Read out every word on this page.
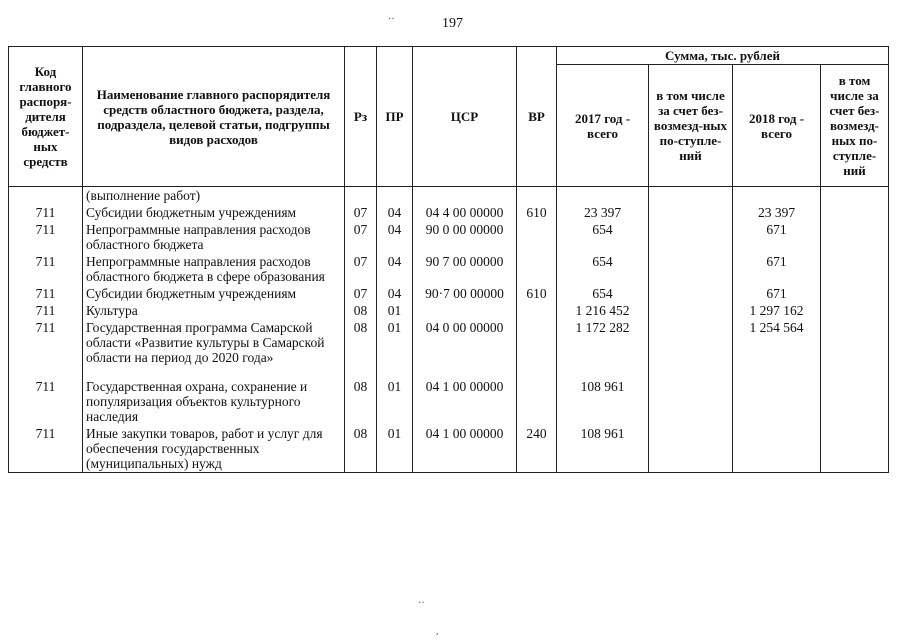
··	197
Код главного распоря-дителя бюджет-ных средств	Наименование главного распорядителя средств областного бюджета, раздела, подраздела, целевой статьи, подгруппы видов расходов	Рз	ПР	ЦСР	ВР	Сумма, тыс. рублей			
						2017 год - всего	в том числе за счет без-возмезд-ных по-ступле-ний	2018 год - всего	в том числе за счет без-возмезд-ных по-ступле-ний
	(выполнение работ)								
711	Субсидии бюджетным учреждениям	07	04	04 4 00 00000	610	23 397		23 397	
711	Непрограммные направления расходов областного бюджета	07	04	90 0 00 00000		654		671	
711	Непрограммные направления расходов областного бюджета в сфере образования	07	04	90 7 00 00000		654		671	
711	Субсидии бюджетным учреждениям	07	04	90·7 00 00000	610	654		671	
711	Культура	08	01			1 216 452		1 297 162	
711	Государственная программа Самарской области «Развитие культуры в Самарской области на период до 2020 года»	08	01	04 0 00 00000		1 172 282		1 254 564	

711	Государственная охрана, сохранение и популяризация объектов культурного наследия	08	01	04 1 00 00000		108 961			
711	Иные закупки товаров, работ и услуг для обеспечения государственных (муниципальных) нужд	08	01	04 1 00 00000	240	108 961			
··
,
